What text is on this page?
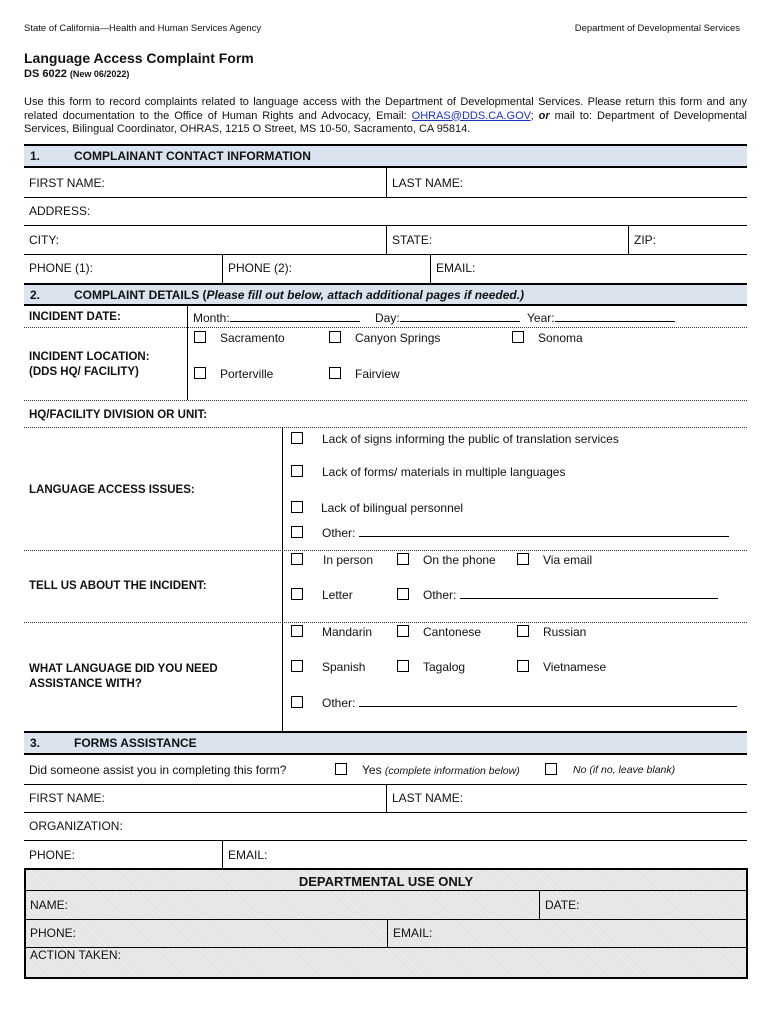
State of California—Health and Human Services Agency	Department of Developmental Services
Language Access Complaint Form
DS 6022 (New 06/2022)
Use this form to record complaints related to language access with the Department of Developmental Services. Please return this form and any related documentation to the Office of Human Rights and Advocacy, Email: OHRAS@DDS.CA.GOV; or mail to: Department of Developmental Services, Bilingual Coordinator, OHRAS, 1215 O Street, MS 10-50, Sacramento, CA 95814.
1.	COMPLAINANT CONTACT INFORMATION
FIRST NAME:	LAST NAME:
ADDRESS:
CITY:	STATE:	ZIP:
PHONE (1):	PHONE (2):	EMAIL:
2.	COMPLAINT DETAILS (Please fill out below, attach additional pages if needed.)
INCIDENT DATE:	Month:	Day:	Year:
INCIDENT LOCATION:
(DDS HQ/ FACILITY)
Sacramento	Canyon Springs	Sonoma
Porterville	Fairview
HQ/FACILITY DIVISION OR UNIT:
LANGUAGE ACCESS ISSUES:
Lack of signs informing the public of translation services
Lack of forms/ materials in multiple languages
Lack of bilingual personnel
Other:
TELL US ABOUT THE INCIDENT:
In person	On the phone	Via email
Letter	Other:
WHAT LANGUAGE DID YOU NEED
ASSISTANCE WITH?
Mandarin	Cantonese	Russian
Spanish	Tagalog	Vietnamese
Other:
3.	FORMS ASSISTANCE
Did someone assist you in completing this form?	Yes (complete information below)	No (if no, leave blank)
FIRST NAME:	LAST NAME:
ORGANIZATION:
PHONE:	EMAIL:
DEPARTMENTAL USE ONLY
NAME:	DATE:
PHONE:	EMAIL:
ACTION TAKEN:
